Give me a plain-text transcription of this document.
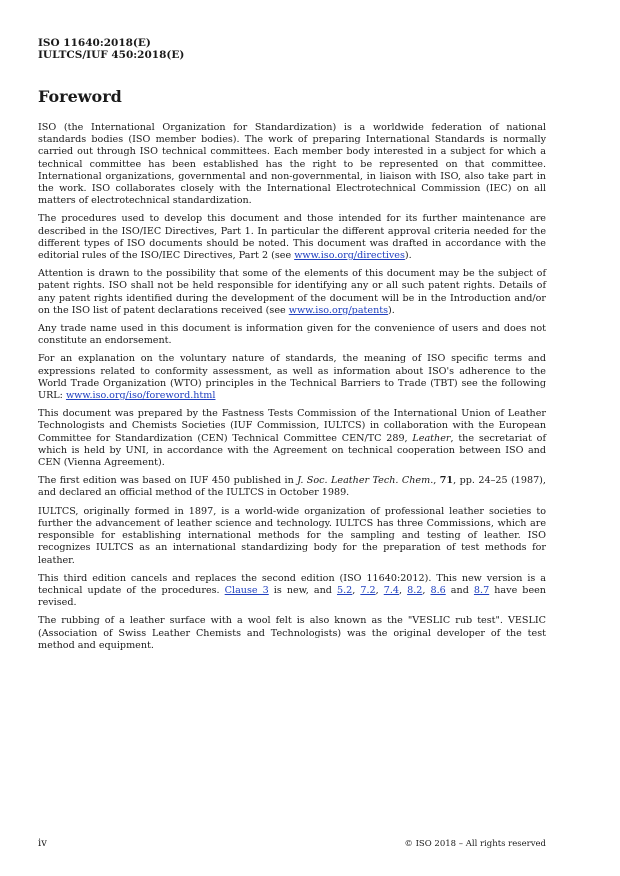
ISO 11640:2018(E)
IULTCS/IUF 450:2018(E)
Foreword

ISO (the International Organization for Standardization) is a worldwide federation of national standards bodies (ISO member bodies). The work of preparing International Standards is normally carried out through ISO technical committees. Each member body interested in a subject for which a technical committee has been established has the right to be represented on that committee. International organizations, governmental and non-governmental, in liaison with ISO, also take part in the work. ISO collaborates closely with the International Electrotechnical Commission (IEC) on all matters of electrotechnical standardization.

The procedures used to develop this document and those intended for its further maintenance are described in the ISO/IEC Directives, Part 1. In particular the different approval criteria needed for the different types of ISO documents should be noted. This document was drafted in accordance with the editorial rules of the ISO/IEC Directives, Part 2 (see www.iso.org/directives).

Attention is drawn to the possibility that some of the elements of this document may be the subject of patent rights. ISO shall not be held responsible for identifying any or all such patent rights. Details of any patent rights identified during the development of the document will be in the Introduction and/or on the ISO list of patent declarations received (see www.iso.org/patents).

Any trade name used in this document is information given for the convenience of users and does not constitute an endorsement.

For an explanation on the voluntary nature of standards, the meaning of ISO specific terms and expressions related to conformity assessment, as well as information about ISO's adherence to the World Trade Organization (WTO) principles in the Technical Barriers to Trade (TBT) see the following URL: www.iso.org/iso/foreword.html

This document was prepared by the Fastness Tests Commission of the International Union of Leather Technologists and Chemists Societies (IUF Commission, IULTCS) in collaboration with the European Committee for Standardization (CEN) Technical Committee CEN/TC 289, Leather, the secretariat of which is held by UNI, in accordance with the Agreement on technical cooperation between ISO and CEN (Vienna Agreement).

The first edition was based on IUF 450 published in J. Soc. Leather Tech. Chem., 71, pp. 24–25 (1987), and declared an official method of the IULTCS in October 1989.

IULTCS, originally formed in 1897, is a world-wide organization of professional leather societies to further the advancement of leather science and technology. IULTCS has three Commissions, which are responsible for establishing international methods for the sampling and testing of leather. ISO recognizes IULTCS as an international standardizing body for the preparation of test methods for leather.

This third edition cancels and replaces the second edition (ISO 11640:2012). This new version is a technical update of the procedures. Clause 3 is new, and 5.2, 7.2, 7.4, 8.2, 8.6 and 8.7 have been revised.

The rubbing of a leather surface with a wool felt is also known as the "VESLIC rub test". VESLIC (Association of Swiss Leather Chemists and Technologists) was the original developer of the test method and equipment.

iv	© ISO 2018 – All rights reserved
